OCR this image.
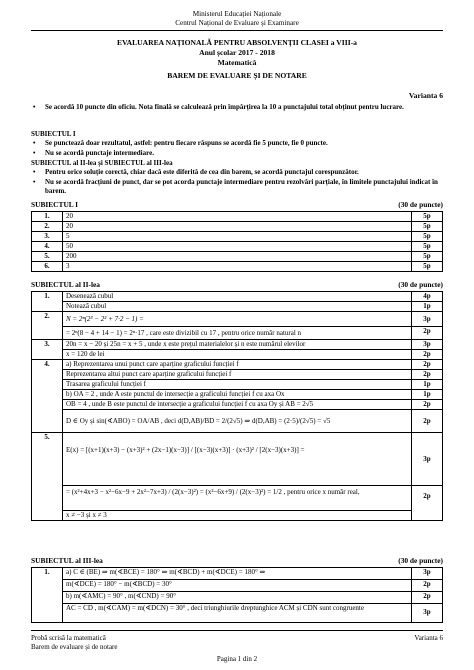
Ministerul Educației Naționale
Centrul Național de Evaluare și Examinare
EVALUAREA NAȚIONALĂ PENTRU ABSOLVENȚII CLASEI a VIII-a
Anul școlar 2017 - 2018
Matematică
BAREM DE EVALUARE ȘI DE NOTARE
Varianta 6
• Se acordă 10 puncte din oficiu. Nota finală se calculează prin împărțirea la 10 a punctajului total obținut pentru lucrare.
SUBIECTUL I
• Se punctează doar rezultatul, astfel: pentru fiecare răspuns se acordă fie 5 puncte, fie 0 puncte.
• Nu se acordă punctaje intermediare.
SUBIECTUL al II-lea și SUBIECTUL al III-lea
• Pentru orice soluție corectă, chiar dacă este diferită de cea din barem, se acordă punctajul corespunzător.
• Nu se acordă fracțiuni de punct, dar se pot acorda punctaje intermediare pentru rezolvări parțiale, în limitele punctajului indicat în barem.
SUBIECTUL I	(30 de puncte)
1.	20	5p
2.	20	5p
3.	5	5p
4.	50	5p
5.	200	5p
6.	3	5p
SUBIECTUL al II-lea	(30 de puncte)
1.	Desenează cubul	4p
	Notează cubul	1p
2.	N = 2ⁿ(2³ − 2² + 7·2 − 1) =	3p
	= 2ⁿ(8 − 4 + 14 − 1) = 2ⁿ·17 , care este divizibil cu 17 , pentru orice număr natural n	2p
3.	20n = x − 20 și 25n = x + 5 , unde x este prețul materialelor și n este numărul elevilor	3p
	x = 120 de lei	2p
4.	a) Reprezentarea unui punct care aparține graficului funcției f	2p
	Reprezentarea altui punct care aparține graficului funcției f	2p
	Trasarea graficului funcției f	1p
	b) OA = 2 , unde A este punctul de intersecție a graficului funcției f cu axa Ox	1p
	OB = 4 , unde B este punctul de intersecție a graficului funcției f cu axa Oy și AB = 2√5	2p
	D ∈ Oy și sin(∢ABO) = OA/AB , deci d(D,AB)/BD = 2/(2√5) ⇒ d(D,AB) = (2·5)/(2√5) = √5	2p
5.	E(x) = [(x+1)(x+3) − (x+3)² + (2x−1)(x−3)] / [(x−3)(x+3)] · (x+3)² / [2(x−3)(x+3)] =	3p
	= (x²+4x+3 − x²−6x−9 + 2x²−7x+3) / (2(x−3)²) = (x²−6x+9) / (2(x−3)²) = 1/2 , pentru orice x număr real,	2p
	x ≠ −3 și x ≠ 3	
SUBIECTUL al III-lea	(30 de puncte)
1.	a) C ∈ (BE) ⇒ m(∢BCE) = 180° ⇒ m(∢BCD) + m(∢DCE) = 180° ⇒	3p
	m(∢DCE) = 180° − m(∢BCD) = 30°	2p
	b) m(∢AMC) = 90° , m(∢CND) = 90°	2p
	AC = CD , m(∢CAM) = m(∢DCN) = 30° , deci triunghiurile dreptunghice ACM și CDN sunt congruente	3p
Probă scrisă la matematică
Barem de evaluare și de notare
Varianta 6
Pagina 1 din 2
